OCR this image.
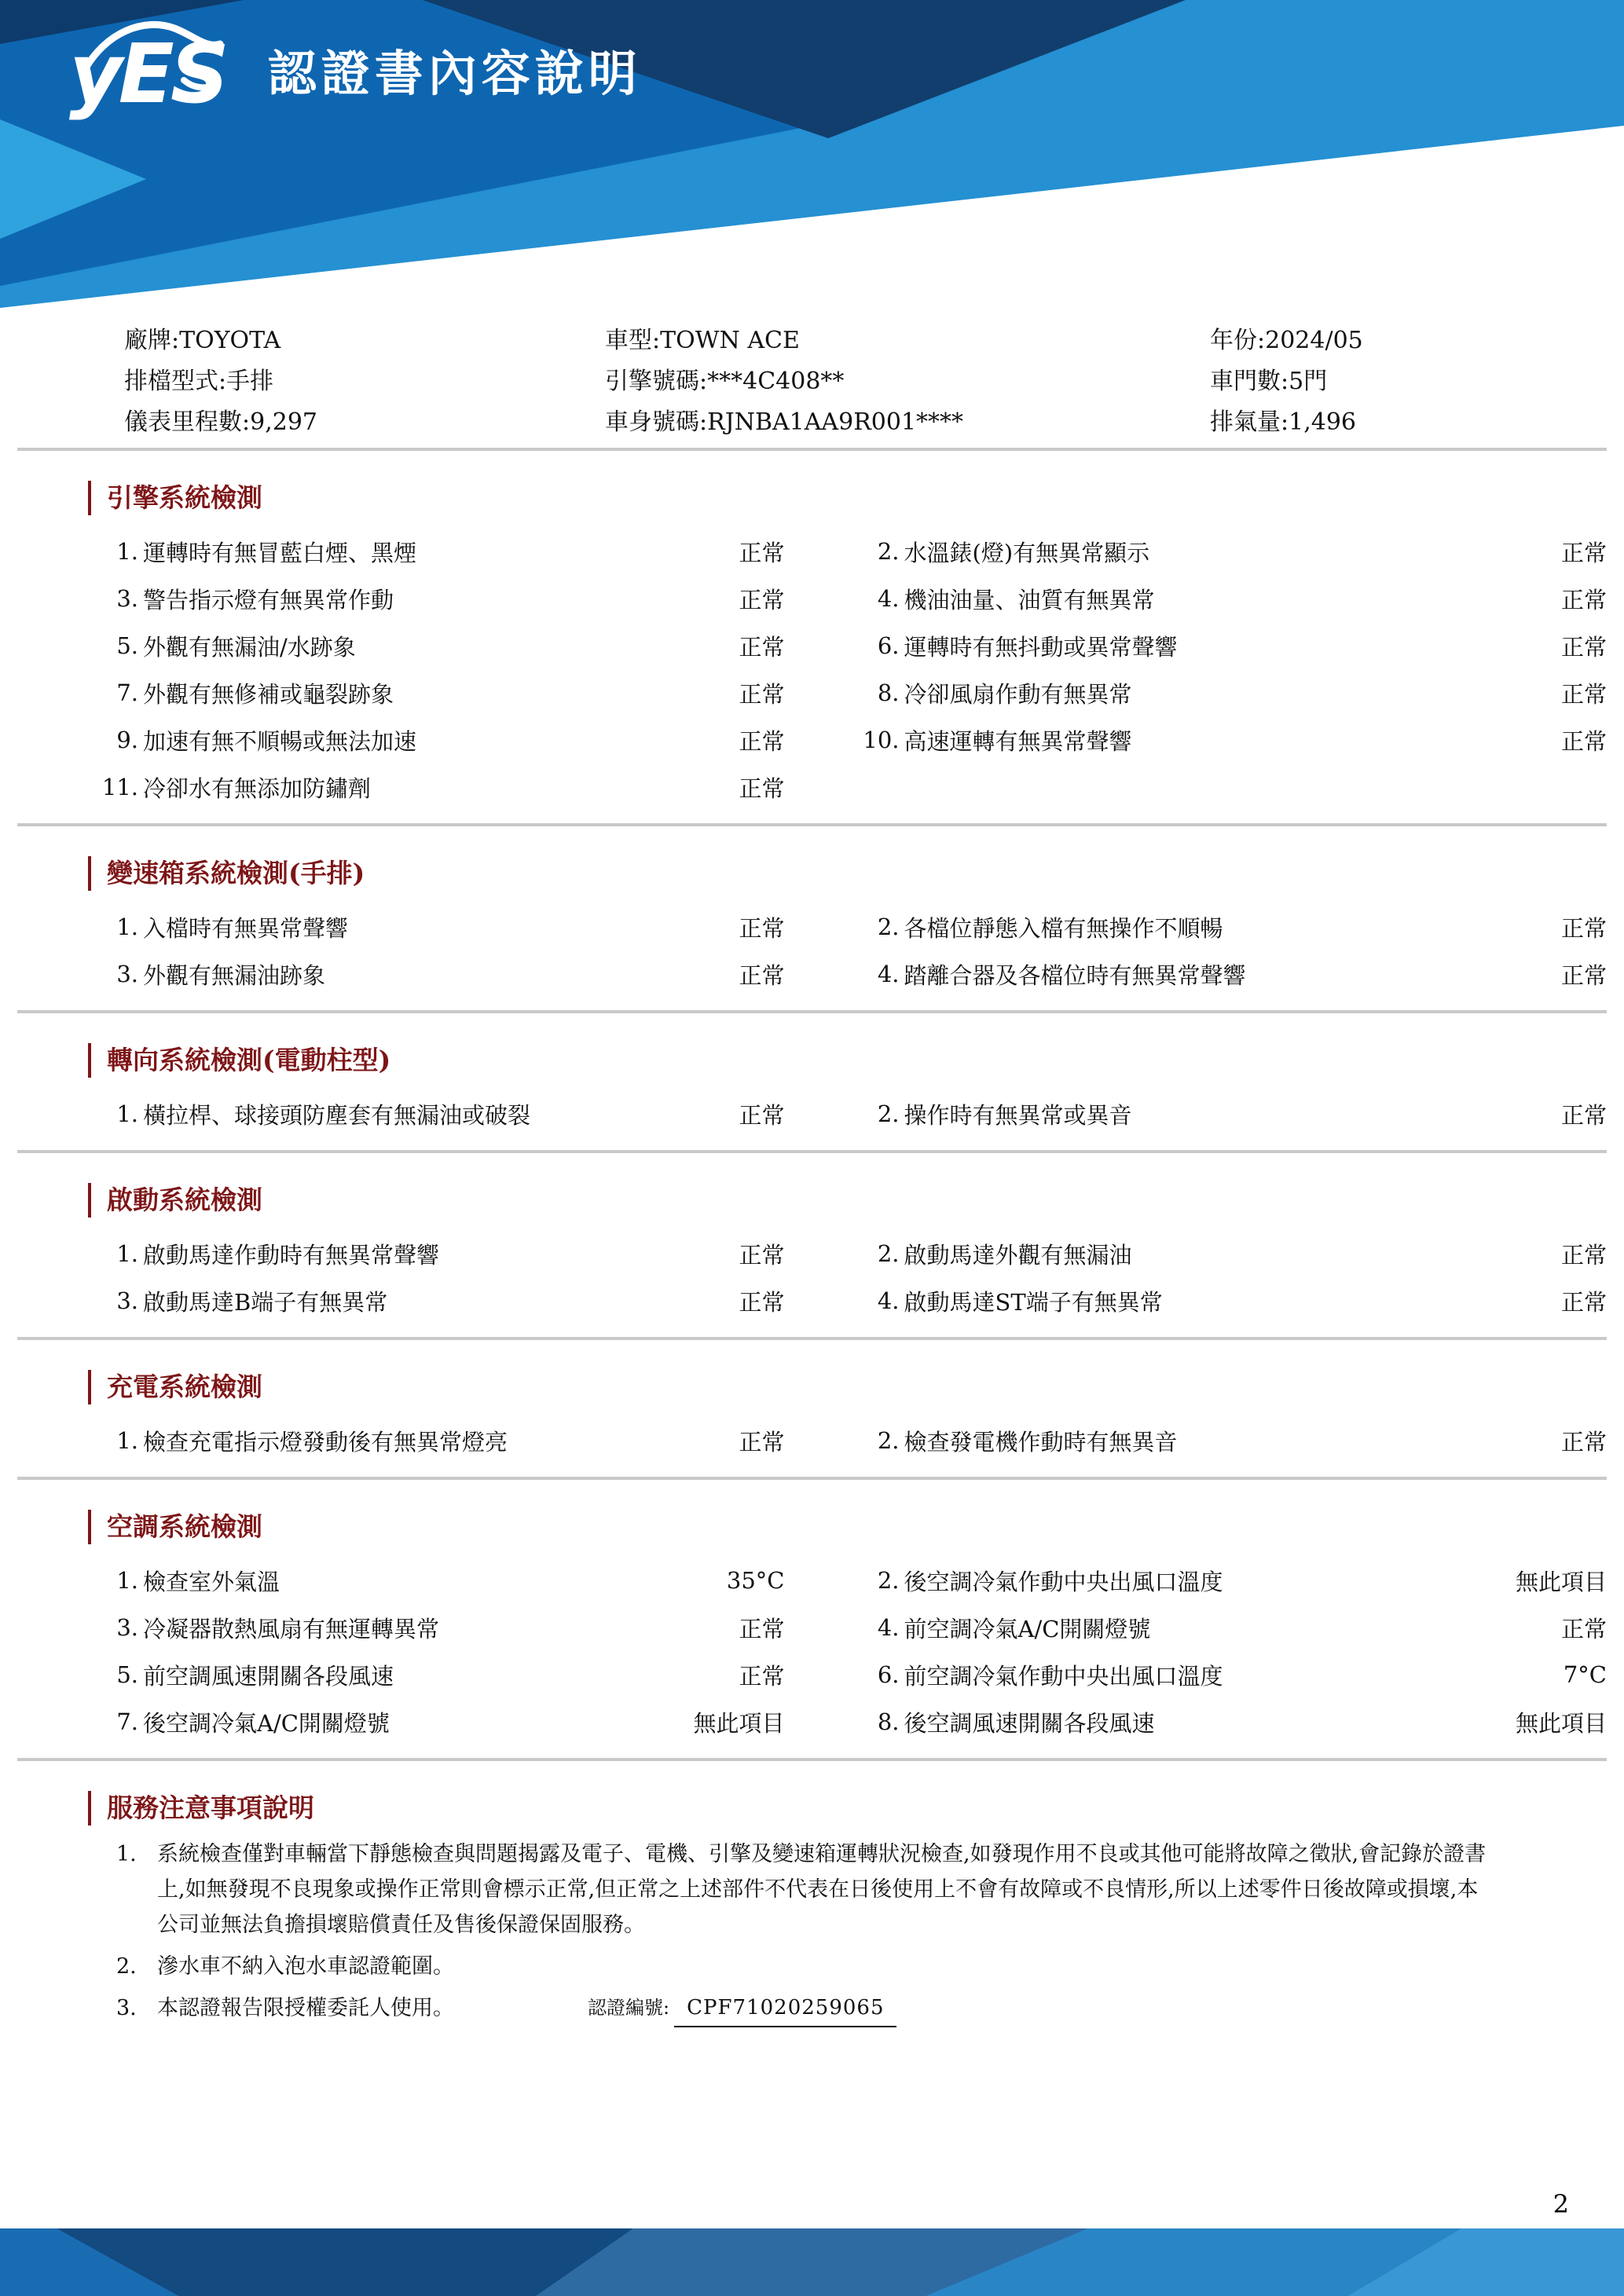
yES 認證書內容說明
廠牌:TOYOTA	車型:TOWN ACE	年份:2024/05
排檔型式:手排	引擎號碼:***4C408**	車門數:5門
儀表里程數:9,297	車身號碼:RJNBA1AA9R001****	排氣量:1,496
引擎系統檢測
1. 運轉時有無冒藍白煙、黑煙	正常	2. 水溫錶(燈)有無異常顯示	正常
3. 警告指示燈有無異常作動	正常	4. 機油油量、油質有無異常	正常
5. 外觀有無漏油/水跡象	正常	6. 運轉時有無抖動或異常聲響	正常
7. 外觀有無修補或龜裂跡象	正常	8. 冷卻風扇作動有無異常	正常
9. 加速有無不順暢或無法加速	正常	10. 高速運轉有無異常聲響	正常
11. 冷卻水有無添加防鏽劑	正常
變速箱系統檢測(手排)
1. 入檔時有無異常聲響	正常	2. 各檔位靜態入檔有無操作不順暢	正常
3. 外觀有無漏油跡象	正常	4. 踏離合器及各檔位時有無異常聲響	正常
轉向系統檢測(電動柱型)
1. 橫拉桿、球接頭防塵套有無漏油或破裂	正常	2. 操作時有無異常或異音	正常
啟動系統檢測
1. 啟動馬達作動時有無異常聲響	正常	2. 啟動馬達外觀有無漏油	正常
3. 啟動馬達B端子有無異常	正常	4. 啟動馬達ST端子有無異常	正常
充電系統檢測
1. 檢查充電指示燈發動後有無異常燈亮	正常	2. 檢查發電機作動時有無異音	正常
空調系統檢測
1. 檢查室外氣溫	35°C	2. 後空調冷氣作動中央出風口溫度	無此項目
3. 冷凝器散熱風扇有無運轉異常	正常	4. 前空調冷氣A/C開關燈號	正常
5. 前空調風速開關各段風速	正常	6. 前空調冷氣作動中央出風口溫度	7°C
7. 後空調冷氣A/C開關燈號	無此項目	8. 後空調風速開關各段風速	無此項目
服務注意事項說明
1. 系統檢查僅對車輛當下靜態檢查與問題揭露及電子、電機、引擎及變速箱運轉狀況檢查,如發現作用不良或其他可能將故障之徵狀,會記錄於證書上,如無發現不良現象或操作正常則會標示正常,但正常之上述部件不代表在日後使用上不會有故障或不良情形,所以上述零件日後故障或損壞,本公司並無法負擔損壞賠償責任及售後保證保固服務。
2. 滲水車不納入泡水車認證範圍。
3. 本認證報告限授權委託人使用。	認證編號: CPF71020259065
2
